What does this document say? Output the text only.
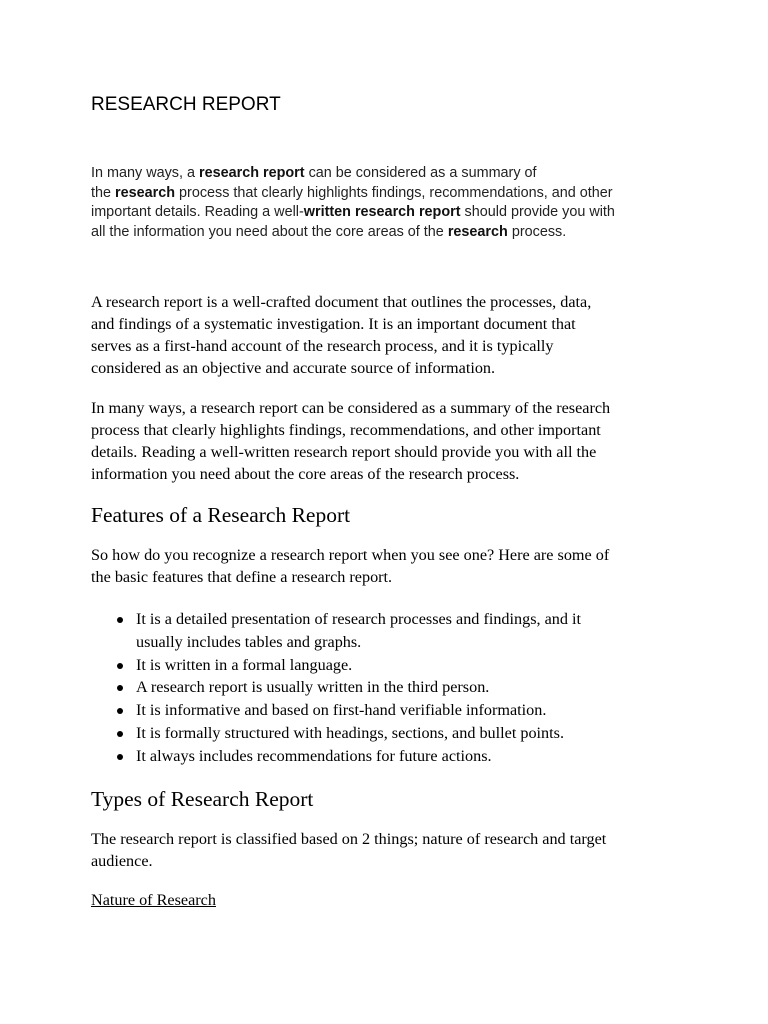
RESEARCH REPORT
In many ways, a research report can be considered as a summary of
the research process that clearly highlights findings, recommendations, and other
important details. Reading a well-written research report should provide you with
all the information you need about the core areas of the research process.
A research report is a well-crafted document that outlines the processes, data,
and findings of a systematic investigation. It is an important document that
serves as a first-hand account of the research process, and it is typically
considered as an objective and accurate source of information.
In many ways, a research report can be considered as a summary of the research
process that clearly highlights findings, recommendations, and other important
details. Reading a well-written research report should provide you with all the
information you need about the core areas of the research process.
Features of a Research Report
So how do you recognize a research report when you see one? Here are some of
the basic features that define a research report.
It is a detailed presentation of research processes and findings, and it
usually includes tables and graphs.
It is written in a formal language.
A research report is usually written in the third person.
It is informative and based on first-hand verifiable information.
It is formally structured with headings, sections, and bullet points.
It always includes recommendations for future actions.
Types of Research Report
The research report is classified based on 2 things; nature of research and target
audience.
Nature of Research
